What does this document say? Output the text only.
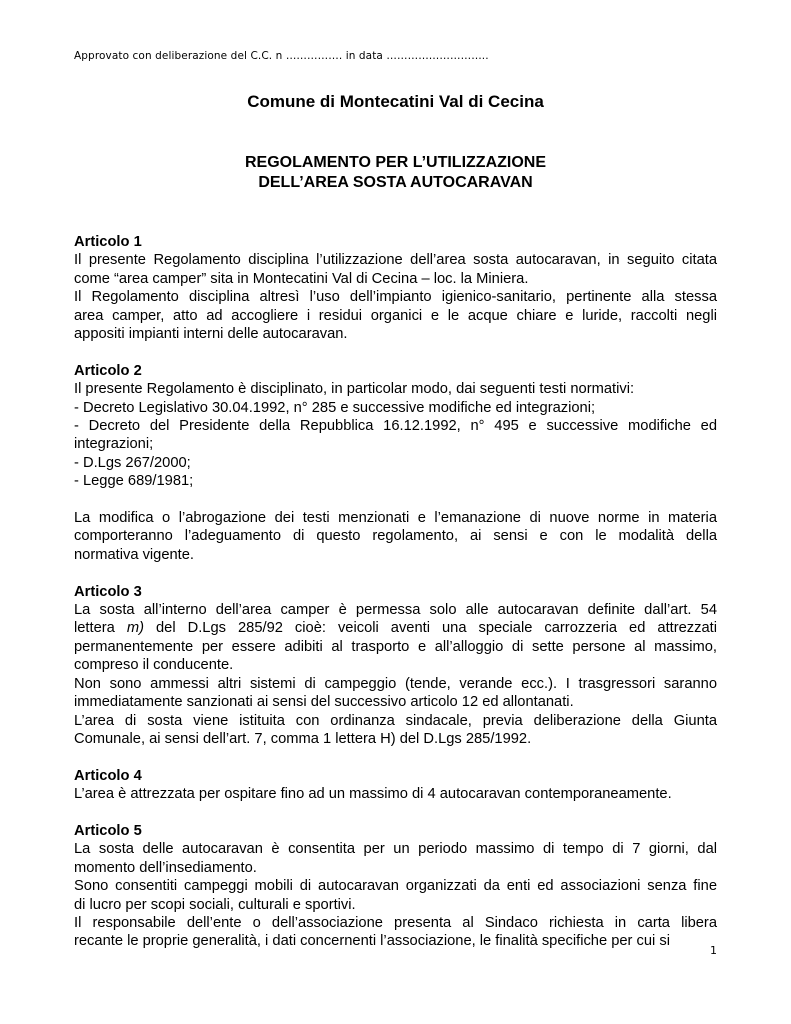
Approvato con deliberazione del C.C. n ……………. in data ………………………..
Comune di Montecatini Val di Cecina
REGOLAMENTO PER L’UTILIZZAZIONE
DELL’AREA SOSTA AUTOCARAVAN
Articolo 1
Il presente Regolamento disciplina l’utilizzazione dell’area sosta autocaravan, in seguito citata
come “area camper” sita in Montecatini Val di Cecina – loc. la Miniera.
Il Regolamento disciplina altresì l’uso dell’impianto igienico-sanitario, pertinente alla stessa
area camper, atto ad accogliere i residui organici e le acque chiare e luride, raccolti negli
appositi impianti interni delle autocaravan.
Articolo 2
Il presente Regolamento è disciplinato, in particolar modo, dai seguenti testi normativi:
- Decreto Legislativo 30.04.1992, n° 285 e successive modifiche ed integrazioni;
- Decreto del Presidente della Repubblica 16.12.1992, n° 495 e successive modifiche ed
integrazioni;
- D.Lgs 267/2000;
- Legge 689/1981;
La modifica o l’abrogazione dei testi menzionati e l’emanazione di nuove norme in materia
comporteranno l’adeguamento di questo regolamento, ai sensi e con le modalità della
normativa vigente.
Articolo 3
La sosta all’interno dell’area camper è permessa solo alle autocaravan definite dall’art. 54
lettera m) del D.Lgs 285/92 cioè: veicoli aventi una speciale carrozzeria ed attrezzati
permanentemente per essere adibiti al trasporto e all’alloggio di sette persone al massimo,
compreso il conducente.
Non sono ammessi altri sistemi di campeggio (tende, verande ecc.). I trasgressori saranno
immediatamente sanzionati ai sensi del successivo articolo 12 ed allontanati.
L’area di sosta viene istituita con ordinanza sindacale, previa deliberazione della Giunta
Comunale, ai sensi dell’art. 7, comma 1 lettera H) del D.Lgs 285/1992.
Articolo 4
L’area è attrezzata per ospitare fino ad un massimo di 4 autocaravan contemporaneamente.
Articolo 5
La sosta delle autocaravan è consentita per un periodo massimo di tempo di 7 giorni, dal
momento dell’insediamento.
Sono consentiti campeggi mobili di autocaravan organizzati da enti ed associazioni senza fine
di lucro per scopi sociali, culturali e sportivi.
Il responsabile dell’ente o dell’associazione presenta al Sindaco richiesta in carta libera
recante le proprie generalità, i dati concernenti l’associazione, le finalità specifiche per cui si
1
